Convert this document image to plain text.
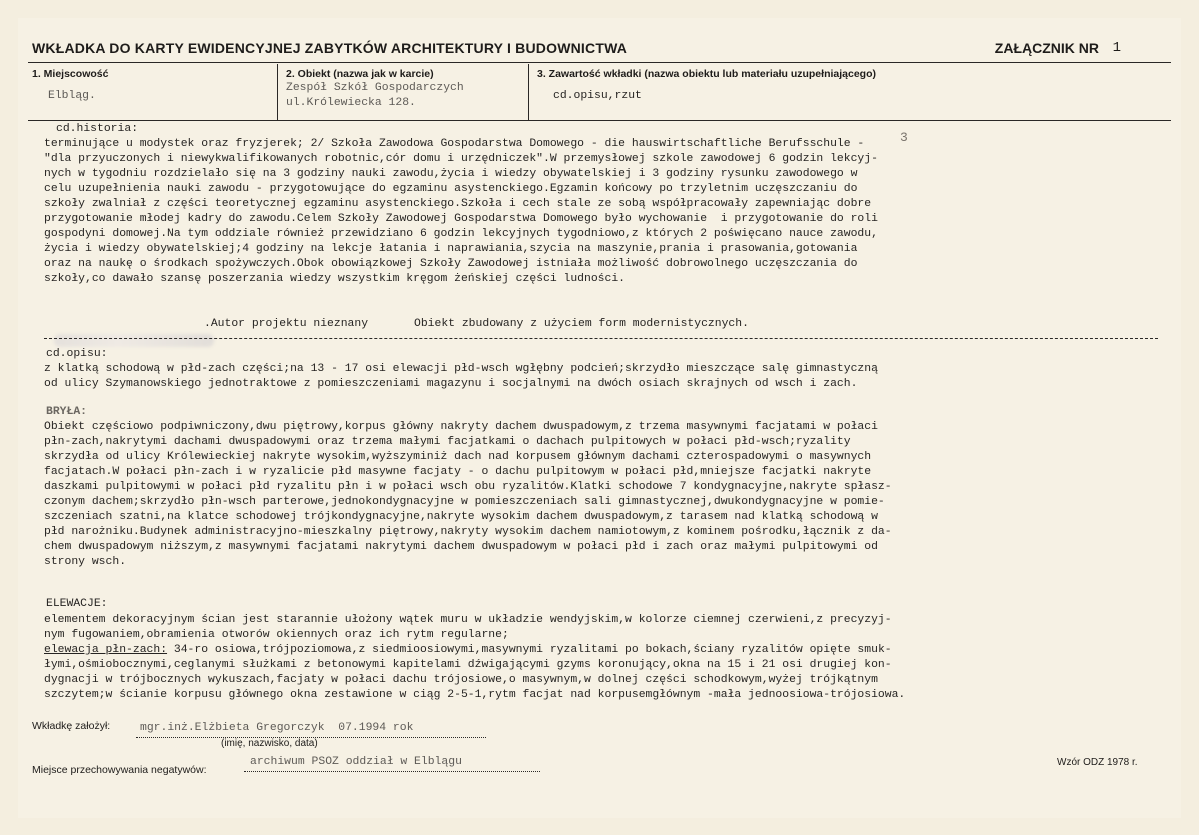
WKŁADKA DO KARTY EWIDENCYJNEJ ZABYTKÓW ARCHITEKTURY I BUDOWNICTWA	ZAŁĄCZNIK NR 1
1. Miejscowość
Elbląg.
2. Obiekt (nazwa jak w karcie)
Zespół Szkół Gospodarczych
ul.Królewiecka 128.
3. Zawartość wkładki (nazwa obiektu lub materiału uzupełniającego)
cd.opisu,rzut
cd.historia:
3
terminujące u modystek oraz fryzjerek; 2/ Szkoła Zawodowa Gospodarstwa Domowego - die hauswirtschaftliche Berufsschule -
"dla przyuczonych i niewykwalifikowanych robotnic,cór domu i urzędniczek".W przemysłowej szkole zawodowej 6 godzin lekcyj-
nych w tygodniu rozdzielało się na 3 godziny nauki zawodu,życia i wiedzy obywatelskiej i 3 godziny rysunku zawodowego w
celu uzupełnienia nauki zawodu - przygotowujące do egzaminu asystenckiego.Egzamin końcowy po trzyletnim uczęszczaniu do
szkoły zwalniał z części teoretycznej egzaminu asystenckiego.Szkoła i cech stale ze sobą współpracowały zapewniając dobre
przygotowanie młodej kadry do zawodu.Celem Szkoły Zawodowej Gospodarstwa Domowego było wychowanie  i przygotowanie do roli
gospodyni domowej.Na tym oddziale również przewidziano 6 godzin lekcyjnych tygodniowo,z których 2 poświęcano nauce zawodu,
życia i wiedzy obywatelskiej;4 godziny na lekcje łatania i naprawiania,szycia na maszynie,prania i prasowania,gotowania
oraz na naukę o środkach spożywczych.Obok obowiązkowej Szkoły Zawodowej istniała możliwość dobrowolnego uczęszczania do
szkoły,co dawało szansę poszerzania wiedzy wszystkim kręgom żeńskiej części ludności.
.Autor projektu nieznany	Obiekt zbudowany z użyciem form modernistycznych.
cd.opisu:
z klatką schodową w płd-zach części;na 13 - 17 osi elewacji płd-wsch wgłębny podcień;skrzydło mieszczące salę gimnastyczną
od ulicy Szymanowskiego jednotraktowe z pomieszczeniami magazynu i socjalnymi na dwóch osiach skrajnych od wsch i zach.
BRYŁA:
Obiekt częściowo podpiwniczony,dwu piętrowy,korpus główny nakryty dachem dwuspadowym,z trzema masywnymi facjatami w połaci
płn-zach,nakrytymi dachami dwuspadowymi oraz trzema małymi facjatkami o dachach pulpitowych w połaci płd-wsch;ryzality
skrzydła od ulicy Królewieckiej nakryte wysokim,wyższyminiż dach nad korpusem głównym dachami czterospadowymi o masywnych
facjatach.W połaci płn-zach i w ryzalicie płd masywne facjaty - o dachu pulpitowym w połaci płd,mniejsze facjatki nakryte
daszkami pulpitowymi w połaci płd ryzalitu płn i w połaci wsch obu ryzalitów.Klatki schodowe 7 kondygnacyjne,nakryte spłasz-
czonym dachem;skrzydło płn-wsch parterowe,jednokondygnacyjne w pomieszczeniach sali gimnastycznej,dwukondygnacyjne w pomie-
szczeniach szatni,na klatce schodowej trójkondygnacyjne,nakryte wysokim dachem dwuspadowym,z tarasem nad klatką schodową w
płd narożniku.Budynek administracyjno-mieszkalny piętrowy,nakryty wysokim dachem namiotowym,z kominem pośrodku,łącznik z da-
chem dwuspadowym niższym,z masywnymi facjatami nakrytymi dachem dwuspadowym w połaci płd i zach oraz małymi pulpitowymi od
strony wsch.
ELEWACJE:
elementem dekoracyjnym ścian jest starannie ułożony wątek muru w układzie wendyjskim,w kolorze ciemnej czerwieni,z precyzyj-
nym fugowaniem,obramienia otworów okiennych oraz ich rytm regularne;
elewacja płn-zach: 34-ro osiowa,trójpoziomowa,z siedmioosiowymi,masywnymi ryzalitami po bokach,ściany ryzalitów opięte smuk-
łymi,ośmiobocznymi,ceglanymi służkami z betonowymi kapitelami dźwigającymi gzyms koronujący,okna na 15 i 21 osi drugiej kon-
dygnacji w trójbocznych wykuszach,facjaty w połaci dachu trójosiowe,o masywnym,w dolnej części schodkowym,wyżej trójkątnym
szczytem;w ścianie korpusu głównego okna zestawione w ciąg 2-5-1,rytm facjat nad korpusemgłównym -mała jednoosiowa-trójosiowa.
Wkładkę założył:	mgr.inż.Elżbieta Gregorczyk  07.1994 rok
(imię, nazwisko, data)
Miejsce przechowywania negatywów:
archiwum PSOZ oddział w Elblągu	Wzór ODZ 1978 r.
